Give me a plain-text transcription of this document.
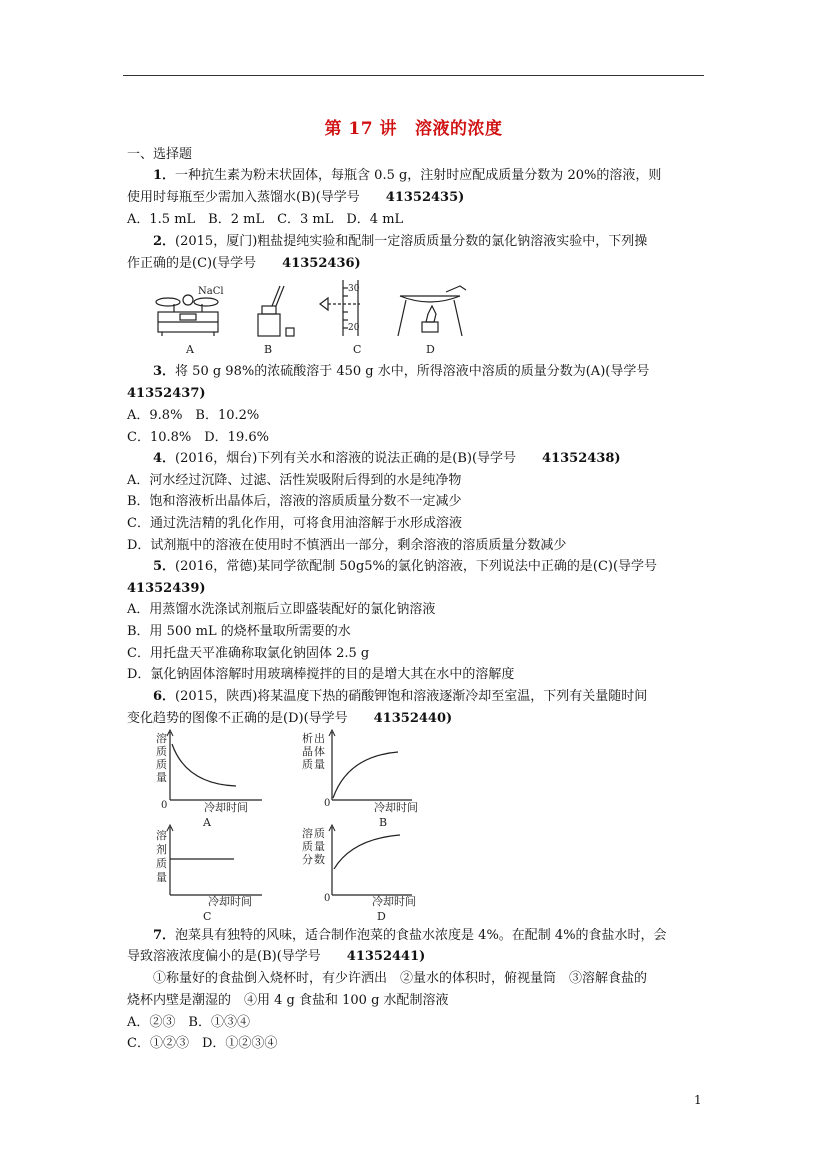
第 17 讲 溶液的浓度
一、选择题
1．一种抗生素为粉末状固体，每瓶含 0.5 g，注射时应配成质量分数为 20%的溶液，则
使用时每瓶至少需加入蒸馏水(B)(导学号 41352435)
A．1.5 mL　B．2 mL　C．3 mL　D．4 mL
2．(2015，厦门)粗盐提纯实验和配制一定溶质质量分数的氯化钠溶液实验中，下列操
作正确的是(C)(导学号 41352436)
NaCl
A	B
30
20
C	D
3．将 50 g 98%的浓硫酸溶于 450 g 水中，所得溶液中溶质的质量分数为(A)(导学号
41352437)
A．9.8%　B．10.2%
C．10.8%　D．19.6%
4．(2016，烟台)下列有关水和溶液的说法正确的是(B)(导学号 41352438)
A．河水经过沉降、过滤、活性炭吸附后得到的水是纯净物
B．饱和溶液析出晶体后，溶液的溶质质量分数不一定减少
C．通过洗洁精的乳化作用，可将食用油溶解于水形成溶液
D．试剂瓶中的溶液在使用时不慎洒出一部分，剩余溶液的溶质质量分数减少
5．(2016，常德)某同学欲配制 50g5%的氯化钠溶液，下列说法中正确的是(C)(导学号
41352439)
A．用蒸馏水洗涤试剂瓶后立即盛装配好的氯化钠溶液
B．用 500 mL 的烧杯量取所需要的水
C．用托盘天平准确称取氯化钠固体 2.5 g
D．氯化钠固体溶解时用玻璃棒搅拌的目的是增大其在水中的溶解度
6．(2015，陕西)将某温度下热的硝酸钾饱和溶液逐渐冷却至室温，下列有关量随时间
变化趋势的图像不正确的是(D)(导学号 41352440)
溶
质
质
量
0	冷却时间
A
析 出
晶 体
质 量
0	冷却时间
B
溶
剂
质
量
冷却时间
C
溶 质
质 量
分 数
0	冷却时间
D
7．泡菜具有独特的风味，适合制作泡菜的食盐水浓度是 4%。在配制 4%的食盐水时，会
导致溶液浓度偏小的是(B)(导学号 41352441)
①称量好的食盐倒入烧杯时，有少许洒出　②量水的体积时，俯视量筒　③溶解食盐的
烧杯内壁是潮湿的　④用 4 g 食盐和 100 g 水配制溶液
A．②③　B．①③④
C．①②③　D．①②③④
1
